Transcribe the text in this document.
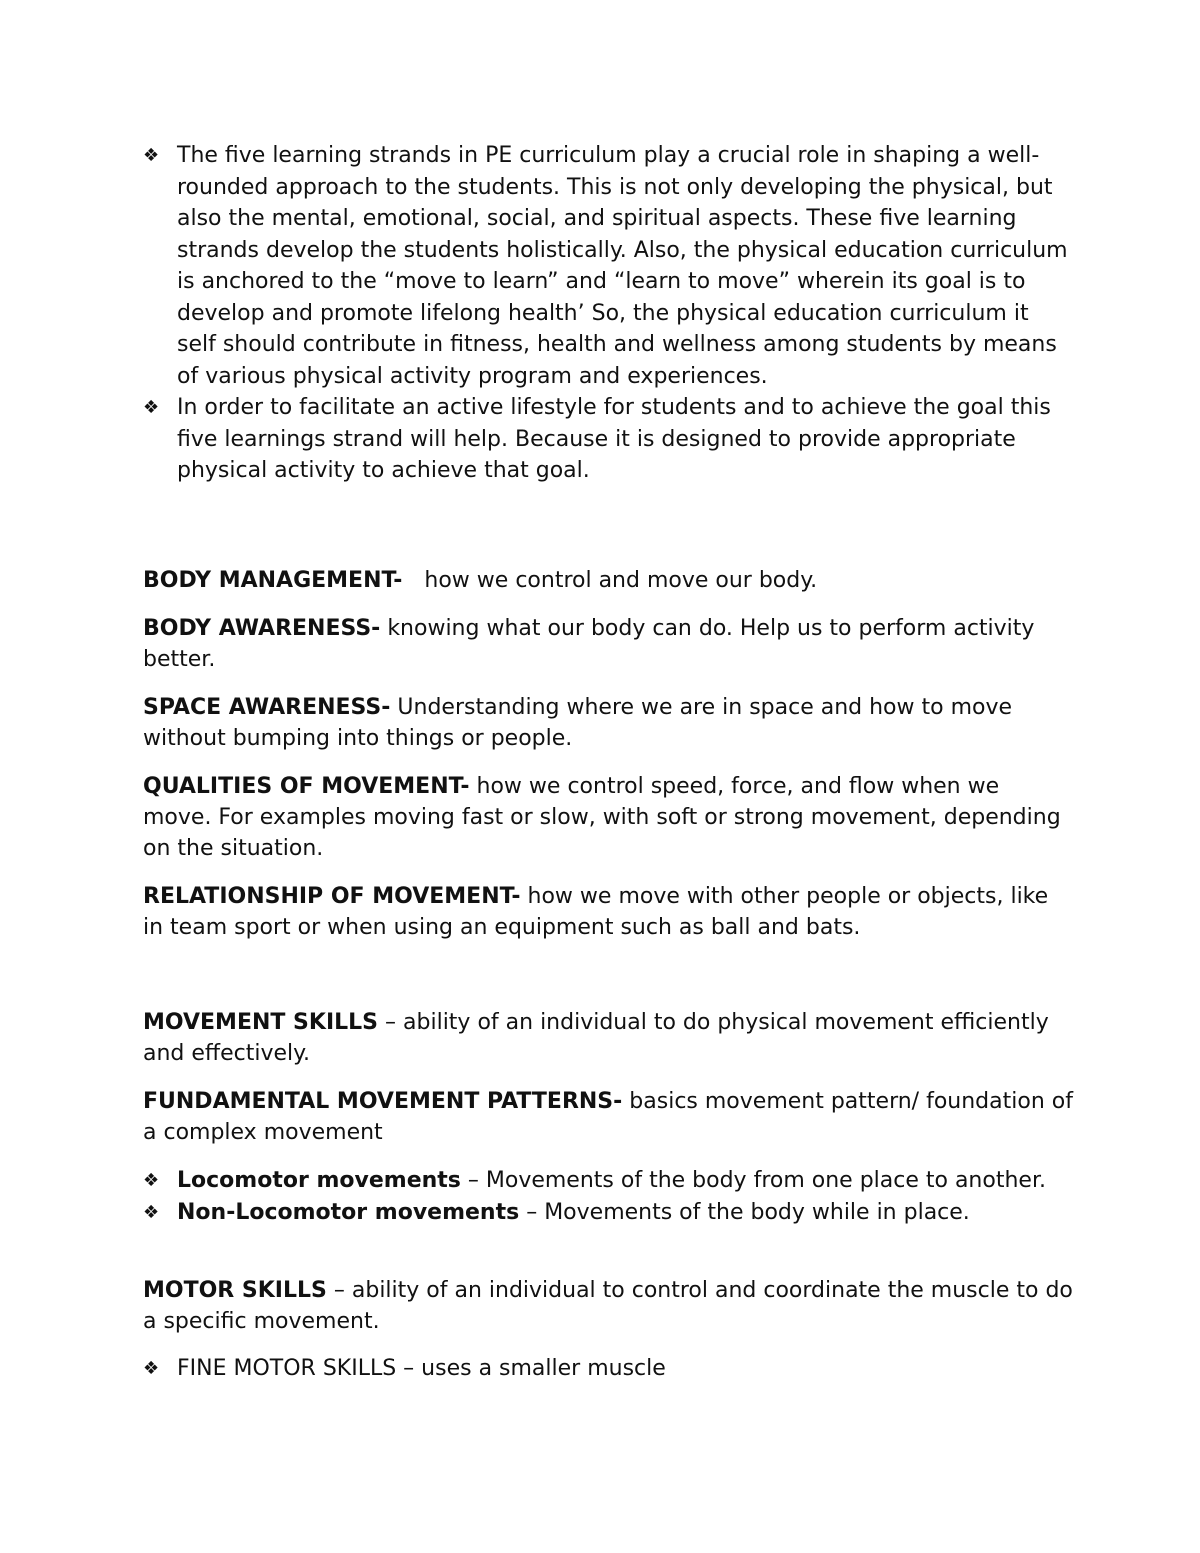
❖ The five learning strands in PE curriculum play a crucial role in shaping a well-rounded approach to the students. This is not only developing the physical, but also the mental, emotional, social, and spiritual aspects. These five learning strands develop the students holistically. Also, the physical education curriculum is anchored to the “move to learn” and “learn to move” wherein its goal is to develop and promote lifelong health’ So, the physical education curriculum it self should contribute in fitness, health and wellness among students by means of various physical activity program and experiences.
❖ In order to facilitate an active lifestyle for students and to achieve the goal this five learnings strand will help. Because it is designed to provide appropriate physical activity to achieve that goal.

BODY MANAGEMENT- how we control and move our body.

BODY AWARENESS- knowing what our body can do. Help us to perform activity better.

SPACE AWARENESS- Understanding where we are in space and how to move without bumping into things or people.

QUALITIES OF MOVEMENT- how we control speed, force, and flow when we move. For examples moving fast or slow, with soft or strong movement, depending on the situation.

RELATIONSHIP OF MOVEMENT- how we move with other people or objects, like in team sport or when using an equipment such as ball and bats.

MOVEMENT SKILLS – ability of an individual to do physical movement efficiently and effectively.

FUNDAMENTAL MOVEMENT PATTERNS- basics movement pattern/ foundation of a complex movement

❖ Locomotor movements – Movements of the body from one place to another.
❖ Non-Locomotor movements – Movements of the body while in place.

MOTOR SKILLS – ability of an individual to control and coordinate the muscle to do a specific movement.

❖ FINE MOTOR SKILLS – uses a smaller muscle
